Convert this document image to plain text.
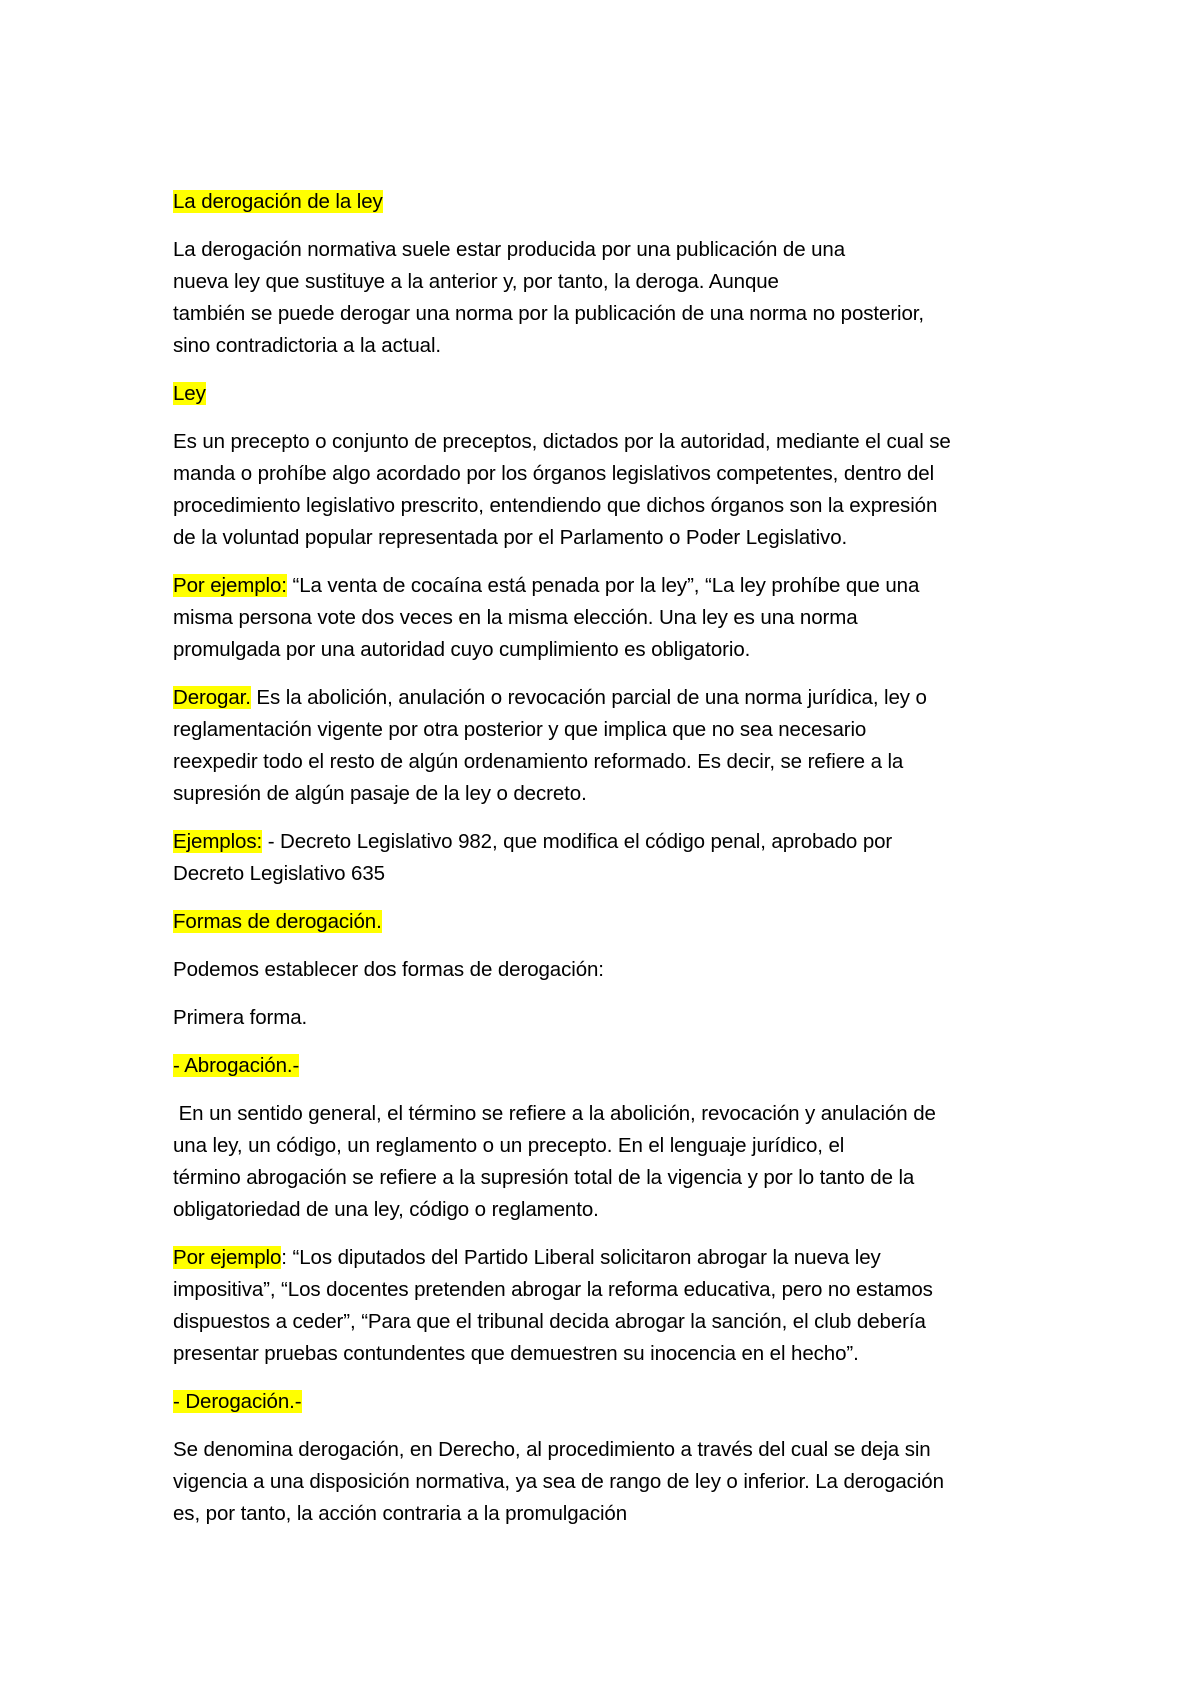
La derogación de la ley

La derogación normativa suele estar producida por una publicación de una
nueva ley que sustituye a la anterior y, por tanto, la deroga. Aunque
también se puede derogar una norma por la publicación de una norma no posterior,
sino contradictoria a la actual.

Ley

Es un precepto o conjunto de preceptos, dictados por la autoridad, mediante el cual se
manda o prohíbe algo acordado por los órganos legislativos competentes, dentro del
procedimiento legislativo prescrito, entendiendo que dichos órganos son la expresión
de la voluntad popular representada por el Parlamento o Poder Legislativo.

Por ejemplo: “La venta de cocaína está penada por la ley”, “La ley prohíbe que una
misma persona vote dos veces en la misma elección. Una ley es una norma
promulgada por una autoridad cuyo cumplimiento es obligatorio.

Derogar. Es la abolición, anulación o revocación parcial de una norma jurídica, ley o
reglamentación vigente por otra posterior y que implica que no sea necesario
reexpedir todo el resto de algún ordenamiento reformado. Es decir, se refiere a la
supresión de algún pasaje de la ley o decreto.

Ejemplos: - Decreto Legislativo 982, que modifica el código penal, aprobado por
Decreto Legislativo 635

Formas de derogación.

Podemos establecer dos formas de derogación:

Primera forma.

- Abrogación.-

En un sentido general, el término se refiere a la abolición, revocación y anulación de
una ley, un código, un reglamento o un precepto. En el lenguaje jurídico, el
término abrogación se refiere a la supresión total de la vigencia y por lo tanto de la
obligatoriedad de una ley, código o reglamento.

Por ejemplo: “Los diputados del Partido Liberal solicitaron abrogar la nueva ley
impositiva”, “Los docentes pretenden abrogar la reforma educativa, pero no estamos
dispuestos a ceder”, “Para que el tribunal decida abrogar la sanción, el club debería
presentar pruebas contundentes que demuestren su inocencia en el hecho”.

- Derogación.-

Se denomina derogación, en Derecho, al procedimiento a través del cual se deja sin
vigencia a una disposición normativa, ya sea de rango de ley o inferior. La derogación
es, por tanto, la acción contraria a la promulgación
